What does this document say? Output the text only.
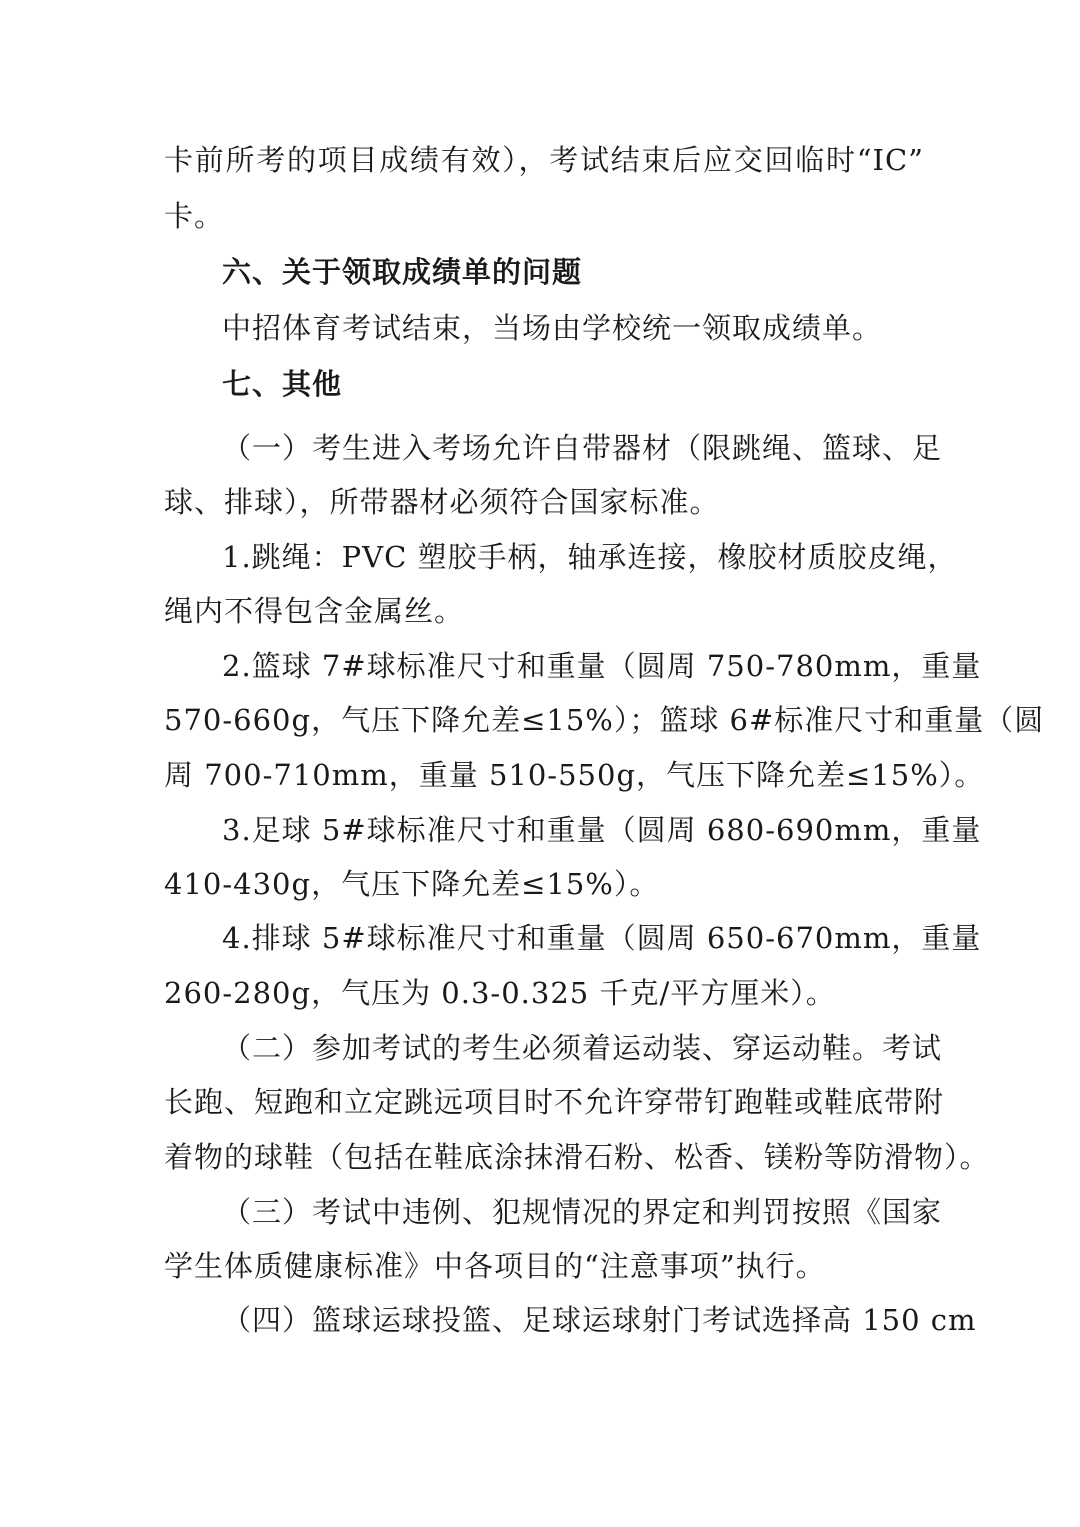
卡前所考的项目成绩有效），考试结束后应交回临时“IC”
卡。
六、关于领取成绩单的问题
中招体育考试结束，当场由学校统一领取成绩单。
七、其他
（一）考生进入考场允许自带器材（限跳绳、篮球、足
球、排球），所带器材必须符合国家标准。
1.跳绳：PVC 塑胶手柄，轴承连接，橡胶材质胶皮绳，
绳内不得包含金属丝。
2.篮球 7#球标准尺寸和重量（圆周 750-780mm，重量
570-660g，气压下降允差≤15%）；篮球 6#标准尺寸和重量（圆
周 700-710mm，重量 510-550g，气压下降允差≤15%）。
3.足球 5#球标准尺寸和重量（圆周 680-690mm，重量
410-430g，气压下降允差≤15%）。
4.排球 5#球标准尺寸和重量（圆周 650-670mm，重量
260-280g，气压为 0.3-0.325 千克/平方厘米）。
（二）参加考试的考生必须着运动装、穿运动鞋。考试
长跑、短跑和立定跳远项目时不允许穿带钉跑鞋或鞋底带附
着物的球鞋（包括在鞋底涂抹滑石粉、松香、镁粉等防滑物）。
（三）考试中违例、犯规情况的界定和判罚按照《国家
学生体质健康标准》中各项目的“注意事项”执行。
（四）篮球运球投篮、足球运球射门考试选择高 150 cm
